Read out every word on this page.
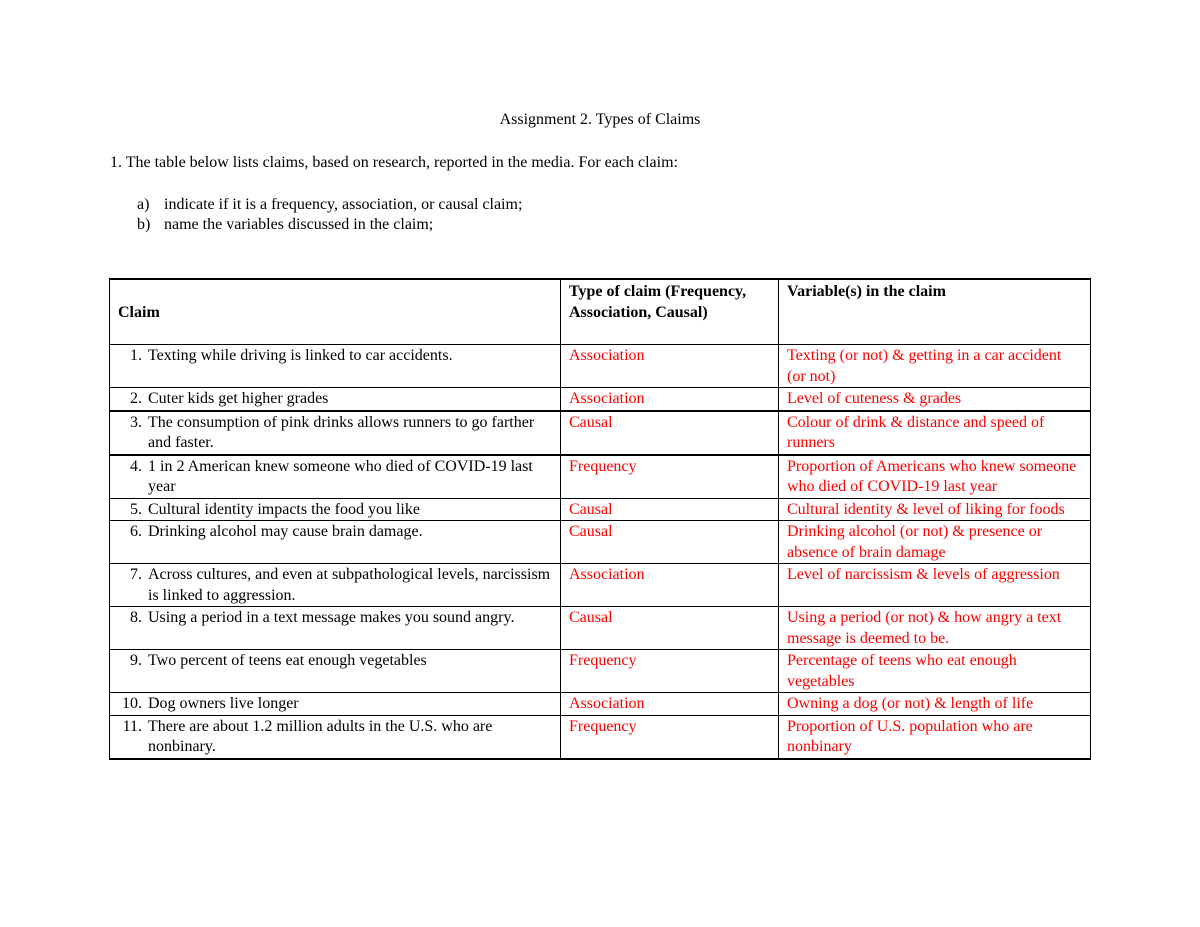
Assignment 2. Types of Claims
1. The table below lists claims, based on research, reported in the media. For each claim:
a) indicate if it is a frequency, association, or causal claim;
b) name the variables discussed in the claim;
Claim	Type of claim (Frequency, Association, Causal)	Variable(s) in the claim

1. Texting while driving is linked to car accidents.	Association	Texting (or not) & getting in a car accident (or not)

2. Cuter kids get higher grades	Association	Level of cuteness & grades

3. The consumption of pink drinks allows runners to go farther and faster.	Causal	Colour of drink & distance and speed of runners

4. 1 in 2 American knew someone who died of COVID-19 last year	Frequency	Proportion of Americans who knew someone who died of COVID-19 last year

5. Cultural identity impacts the food you like	Causal	Cultural identity & level of liking for foods

6. Drinking alcohol may cause brain damage.	Causal	Drinking alcohol (or not) & presence or absence of brain damage

7. Across cultures, and even at subpathological levels, narcissism is linked to aggression.	Association	Level of narcissism & levels of aggression

8. Using a period in a text message makes you sound angry.	Causal	Using a period (or not) & how angry a text message is deemed to be.

9. Two percent of teens eat enough vegetables	Frequency	Percentage of teens who eat enough vegetables

10. Dog owners live longer	Association	Owning a dog (or not) & length of life

11. There are about 1.2 million adults in the U.S. who are nonbinary.	Frequency	Proportion of U.S. population who are nonbinary
